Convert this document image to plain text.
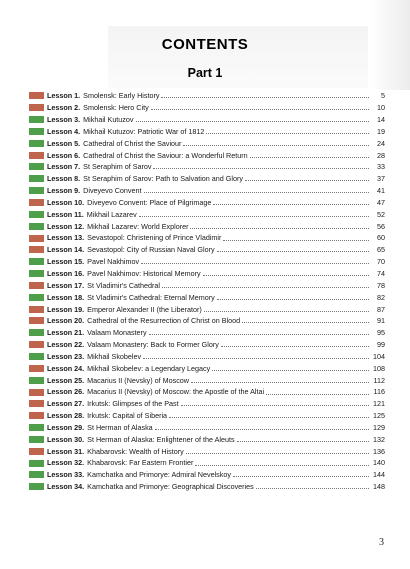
CONTENTS
Part 1
Lesson 1. Smolensk: Early History	5
Lesson 2. Smolensk: Hero City	10
Lesson 3. Mikhail Kutuzov	14
Lesson 4. Mikhail Kutuzov: Patriotic War of 1812	19
Lesson 5. Cathedral of Christ the Saviour	24
Lesson 6. Cathedral of Christ the Saviour: a Wonderful Return	28
Lesson 7. St Seraphim of Sarov	33
Lesson 8. St Seraphim of Sarov: Path to Salvation and Glory	37
Lesson 9. Diveyevo Convent	41
Lesson 10. Diveyevo Convent: Place of Pilgrimage	47
Lesson 11. Mikhail Lazarev	52
Lesson 12. Mikhail Lazarev: World Explorer	56
Lesson 13. Sevastopol: Christening of Prince Vladimir	60
Lesson 14. Sevastopol: City of Russian Naval Glory	65
Lesson 15. Pavel Nakhimov	70
Lesson 16. Pavel Nakhimov: Historical Memory	74
Lesson 17. St Vladimir's Cathedral	78
Lesson 18. St Vladimir's Cathedral: Eternal Memory	82
Lesson 19. Emperor Alexander II (the Liberator)	87
Lesson 20. Cathedral of the Resurrection of Christ on Blood	91
Lesson 21. Valaam Monastery	95
Lesson 22. Valaam Monastery: Back to Former Glory	99
Lesson 23. Mikhail Skobelev	104
Lesson 24. Mikhail Skobelev: a Legendary Legacy	108
Lesson 25. Macarius II (Nevsky) of Moscow	112
Lesson 26. Macarius II (Nevsky) of Moscow: the Apostle of the Altai	116
Lesson 27. Irkutsk: Glimpses of the Past	121
Lesson 28. Irkutsk: Capital of Siberia	125
Lesson 29. St Herman of Alaska	129
Lesson 30. St Herman of Alaska: Enlightener of the Aleuts	132
Lesson 31. Khabarovsk: Wealth of History	136
Lesson 32. Khabarovsk: Far Eastern Frontier	140
Lesson 33. Kamchatka and Primorye: Admiral Nevelskoy	144
Lesson 34. Kamchatka and Primorye: Geographical Discoveries	148
3
